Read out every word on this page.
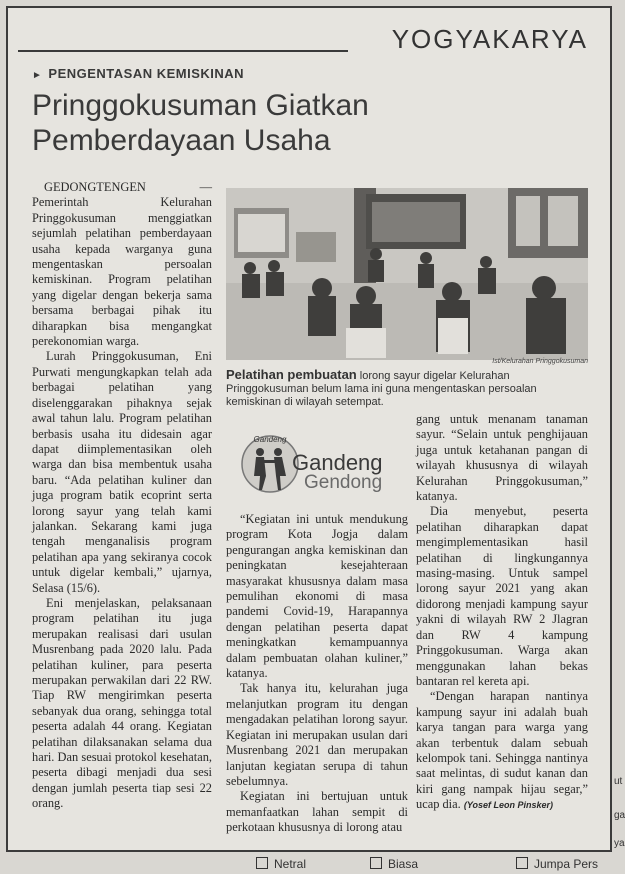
YOGYAKARYA
► PENGENTASAN KEMISKINAN
Pringgokusuman Giatkan Pemberdayaan Usaha

GEDONGTENGEN — Pemerintah Kelurahan Pringgokusuman menggiatkan sejumlah pelatihan pemberdayaan usaha kepada warganya guna mengentaskan persoalan kemiskinan. Program pelatihan yang digelar dengan bekerja sama bersama berbagai pihak itu diharapkan bisa mengangkat perekonomian warga.

Lurah Pringgokusuman, Eni Purwati mengungkapkan telah ada berbagai pelatihan yang diselenggarakan pihaknya sejak awal tahun lalu. Program pelatihan berbasis usaha itu didesain agar dapat diimplementasikan oleh warga dan bisa membentuk usaha baru. “Ada pelatihan kuliner dan juga program batik ecoprint serta lorong sayur yang telah kami jalankan. Sekarang kami juga tengah menganalisis program pelatihan apa yang sekiranya cocok untuk digelar kembali,” ujarnya, Selasa (15/6).

Eni menjelaskan, pelaksanaan program pelatihan itu juga merupakan realisasi dari usulan Musrenbang pada 2020 lalu. Pada pelatihan kuliner, para peserta merupakan perwakilan dari 22 RW. Tiap RW mengirimkan peserta sebanyak dua orang, sehingga total peserta adalah 44 orang. Kegiatan pelatihan dilaksanakan selama dua hari. Dan sesuai protokol kesehatan, peserta dibagi menjadi dua sesi dengan jumlah peserta tiap sesi 22 orang.

Ist/Kelurahan Pringgokusuman
Pelatihan pembuatan lorong sayur digelar Kelurahan Pringgokusuman belum lama ini guna mengentaskan persoalan kemiskinan di wilayah setempat.
Gandeng
Gandeng
Gendong

“Kegiatan ini untuk mendukung program Kota Jogja dalam pengurangan angka kemiskinan dan peningkatan kesejahteraan masyarakat khususnya dalam masa pemulihan ekonomi di masa pandemi Covid-19, Harapannya dengan pelatihan peserta dapat meningkatkan kemampuannya dalam pembuatan olahan kuliner,” katanya.

Tak hanya itu, kelurahan juga melanjutkan program itu dengan mengadakan pelatihan lorong sayur. Kegiatan ini merupakan usulan dari Musrenbang 2021 dan merupakan lanjutan kegiatan serupa di tahun sebelumnya.

Kegiatan ini bertujuan untuk memanfaatkan lahan sempit di perkotaan khususnya di lorong atau

gang untuk menanam tanaman sayur. “Selain untuk penghijauan juga untuk ketahanan pangan di wilayah khususnya di wilayah Kelurahan Pringgokusuman,” katanya.

Dia menyebut, peserta pelatihan diharapkan dapat mengimplementasikan hasil pelatihan di lingkungannya masing-masing. Untuk sampel lorong sayur 2021 yang akan didorong menjadi kampung sayur yakni di wilayah RW 2 Jlagran dan RW 4 kampung Pringgokusuman. Warga akan menggunakan lahan bekas bantaran rel kereta api.

“Dengan harapan nantinya kampung sayur ini adalah buah karya tangan para warga yang akan terbentuk dalam sebuah kelompok tani. Sehingga nantinya saat melintas, di sudut kanan dan kiri gang nampak hijau segar,” ucap dia. (Yosef Leon Pinsker)

Netral	Biasa	Jumpa Pers
ut
ga
ya
